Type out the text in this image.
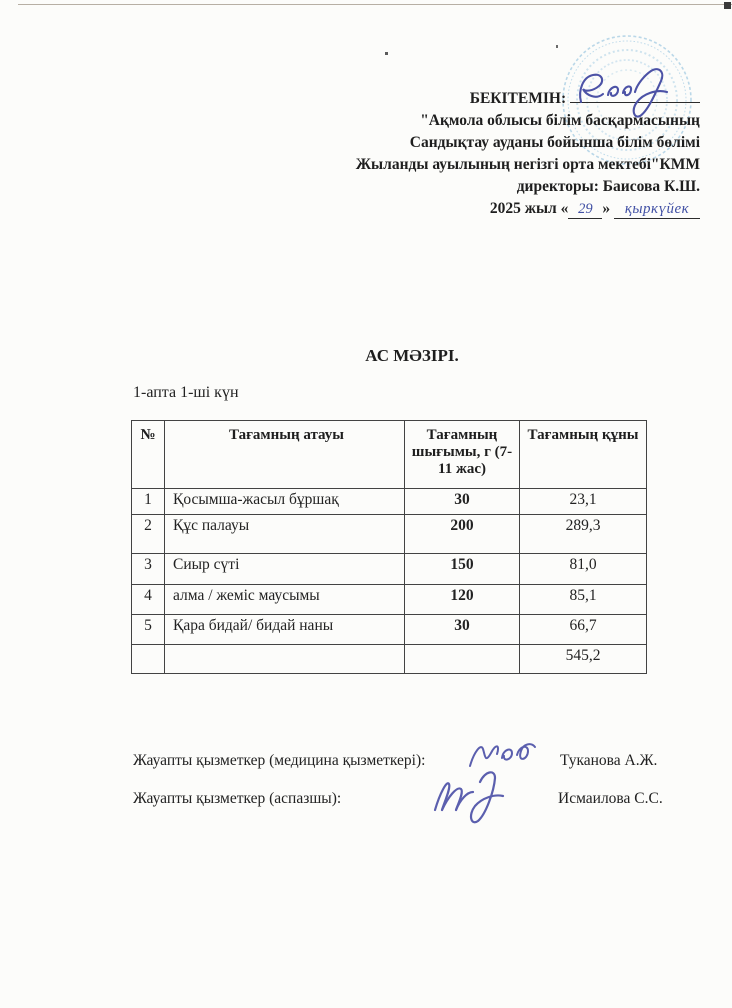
БЕКІТЕМІН:
"Ақмола облысы білім басқармасының
Сандықтау ауданы бойынша білім бөлімі
Жыланды ауылының негізгі орта мектебі"КММ
директоры: Баисова К.Ш.
2025 жыл « 29 » қыркүйек
АС МӘЗІРІ.
1-апта 1-ші күн
№	Тағамның атауы	Тағамның шығымы, г (7-11 жас)	Тағамның құны
1	Қосымша-жасыл бұршақ	30	23,1
2	Құс палауы	200	289,3
3	Сиыр сүті	150	81,0
4	алма / жеміс маусымы	120	85,1
5	Қара бидай/ бидай наны	30	66,7
			545,2
Жауапты қызметкер (медицина қызметкері):	Туканова А.Ж.
Жауапты қызметкер (аспазшы):	Исмаилова С.С.
